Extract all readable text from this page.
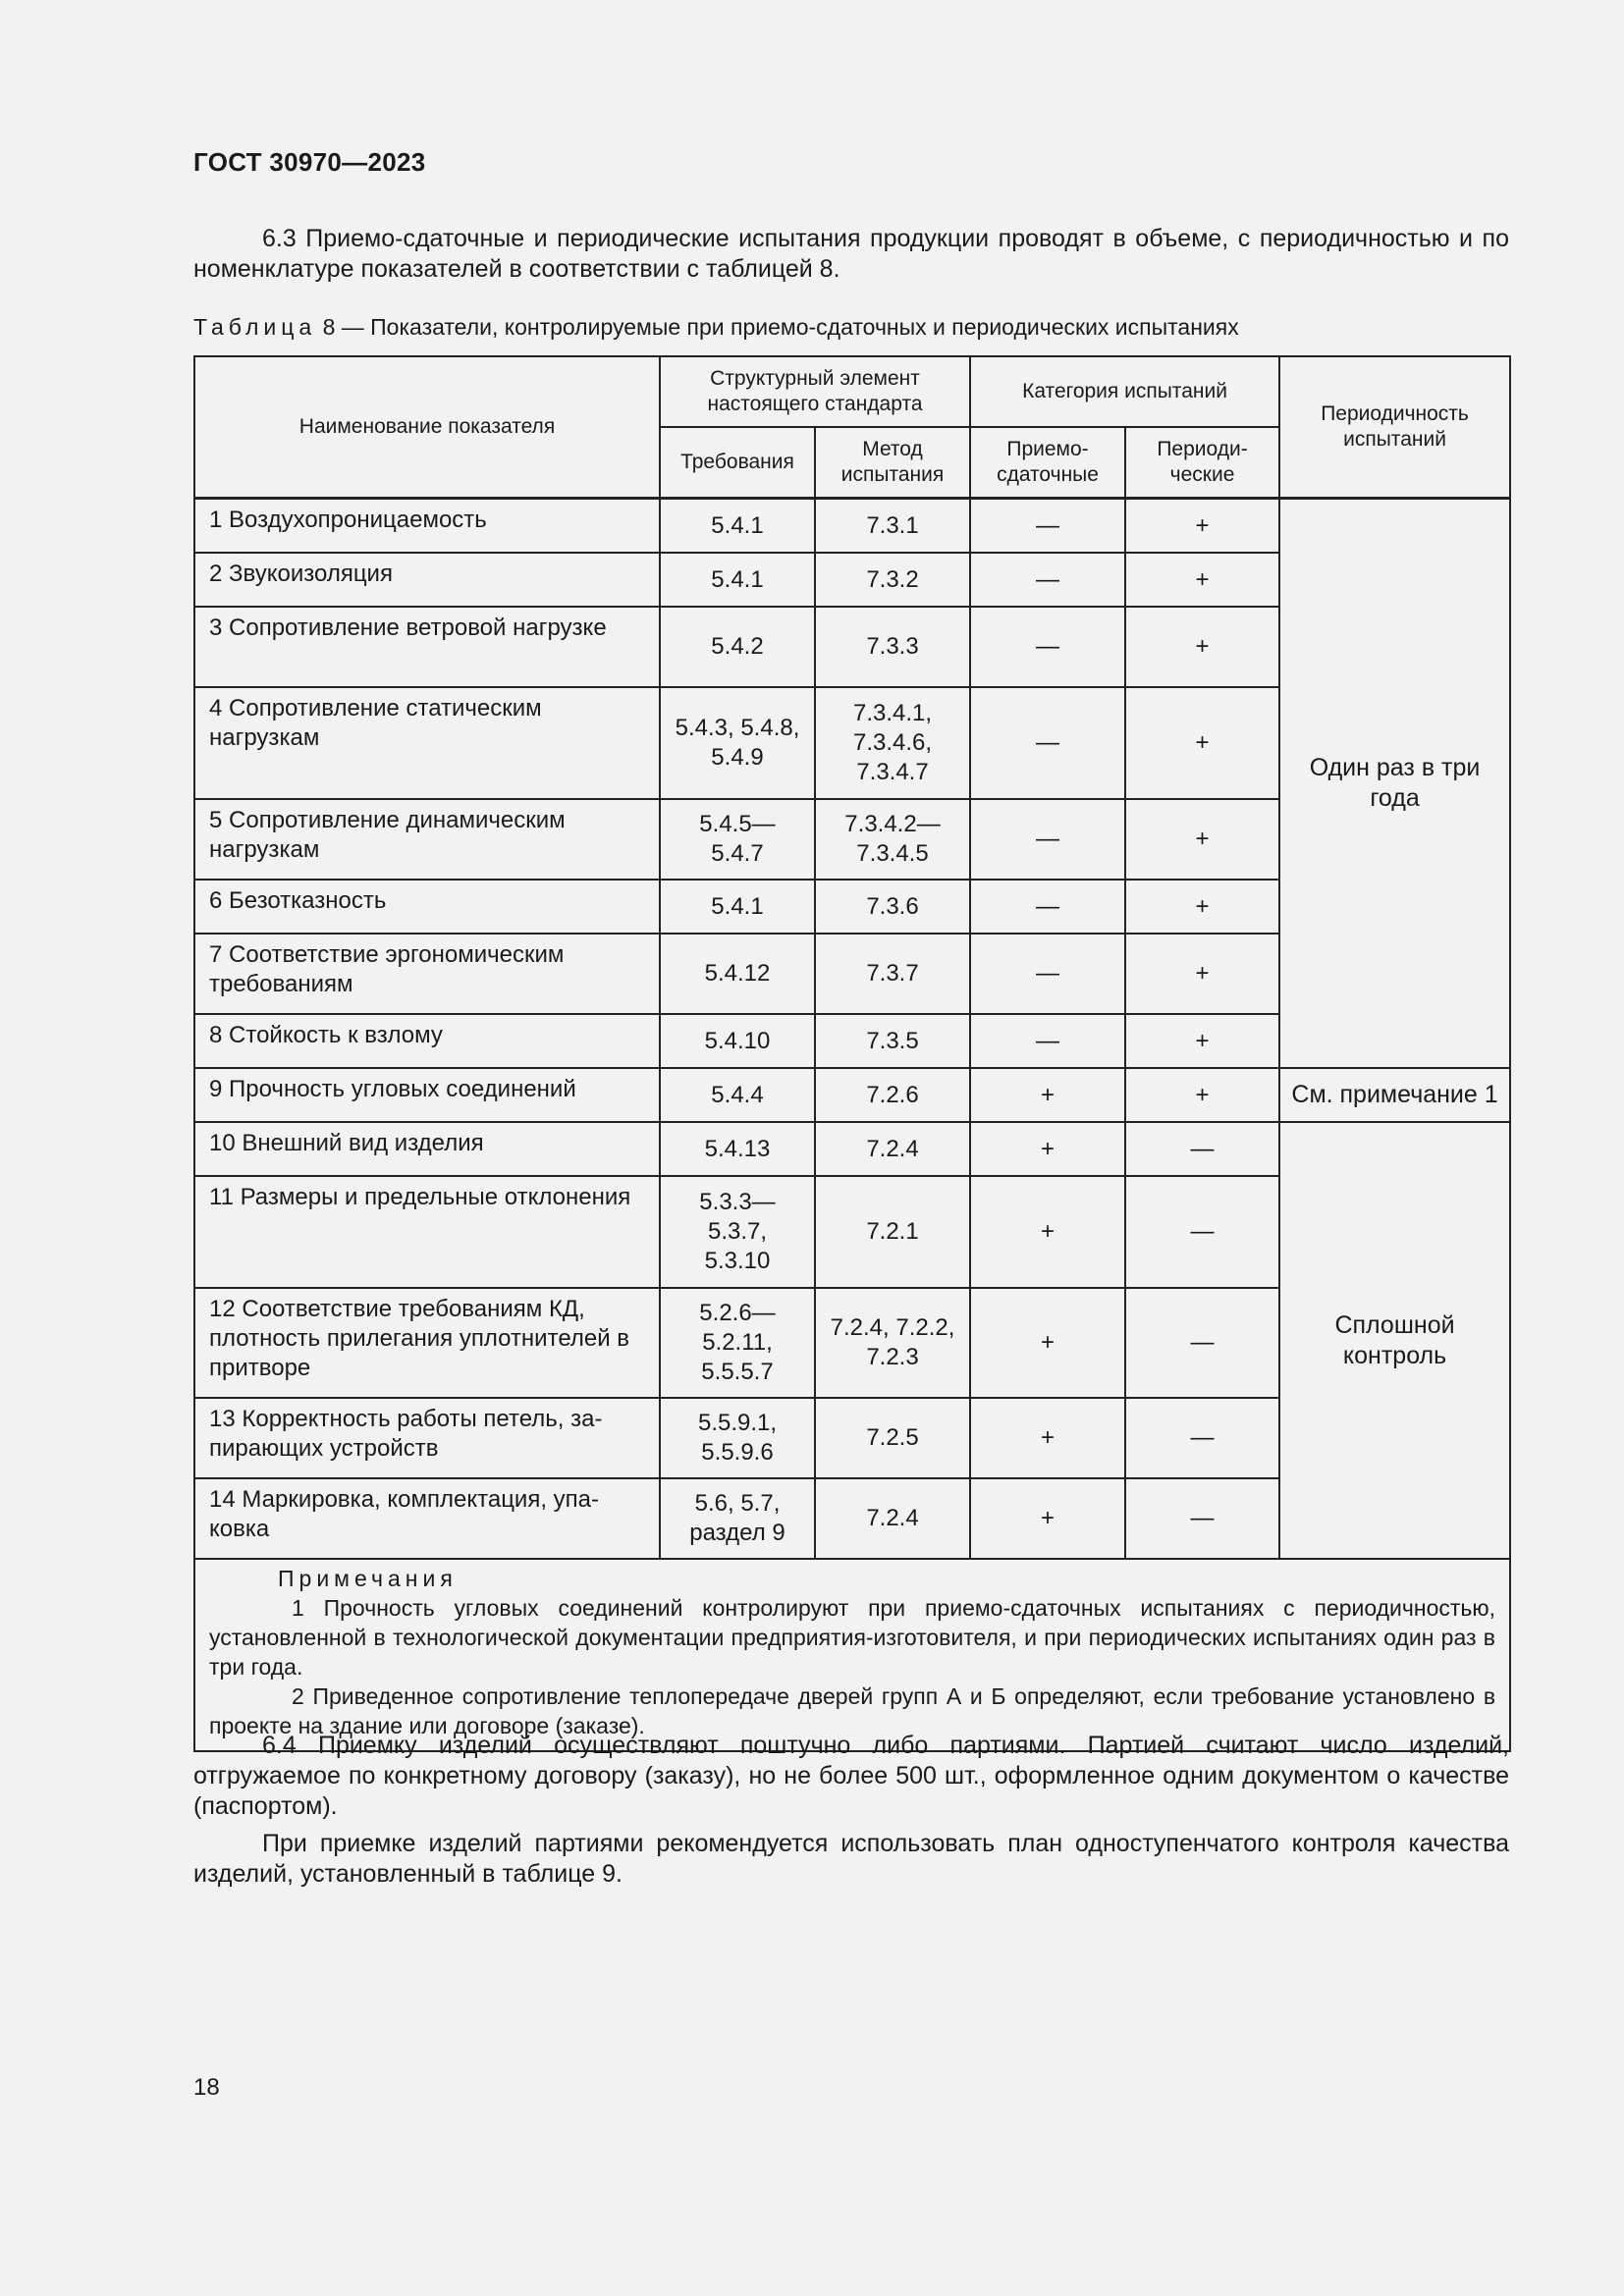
ГОСТ 30970—2023

6.3 Приемо-сдаточные и периодические испытания продукции проводят в объеме, с периодичностью и по номенклатуре показателей в соответствии с таблицей 8.

Таблица 8 — Показатели, контролируемые при приемо-сдаточных и периодических испытаниях
Наименование показателя	Структурный элемент настоящего стандарта		Категория испытаний		Периодичность испытаний
	Требования	Метод испытания	Приемо-сдаточные	Периоди-ческие	
1 Воздухопроницаемость	5.4.1	7.3.1	—	+	Один раз в три года
2 Звукоизоляция	5.4.1	7.3.2	—	+	
3 Сопротивление ветровой нагрузке	5.4.2	7.3.3	—	+	
4 Сопротивление статическим нагрузкам	5.4.3, 5.4.8, 5.4.9	7.3.4.1, 7.3.4.6, 7.3.4.7	—	+	
5 Сопротивление динамическим нагрузкам	5.4.5— 5.4.7	7.3.4.2— 7.3.4.5	—	+	
6 Безотказность	5.4.1	7.3.6	—	+	
7 Соответствие эргономическим требованиям	5.4.12	7.3.7	—	+	
8 Стойкость к взлому	5.4.10	7.3.5	—	+	
9 Прочность угловых соединений	5.4.4	7.2.6	+	+	См. примечание 1
10 Внешний вид изделия	5.4.13	7.2.4	+	—	Сплошной контроль
11 Размеры и предельные отклонения	5.3.3— 5.3.7, 5.3.10	7.2.1	+	—	
12 Соответствие требованиям КД, плотность прилегания уплотнителей в притворе	5.2.6— 5.2.11, 5.5.5.7	7.2.4, 7.2.2, 7.2.3	+	—	
13 Корректность работы петель, запирающих устройств	5.5.9.1, 5.5.9.6	7.2.5	+	—	
14 Маркировка, комплектация, упаковка	5.6, 5.7, раздел 9	7.2.4	+	—	

Примечания
1 Прочность угловых соединений контролируют при приемо-сдаточных испытаниях с периодичностью, установленной в технологической документации предприятия-изготовителя, и при периодических испытаниях один раз в три года.
2 Приведенное сопротивление теплопередаче дверей групп А и Б определяют, если требование установлено в проекте на здание или договоре (заказе).					

6.4 Приемку изделий осуществляют поштучно либо партиями. Партией считают число изделий, отгружаемое по конкретному договору (заказу), но не более 500 шт., оформленное одним документом о качестве (паспортом).

При приемке изделий партиями рекомендуется использовать план одноступенчатого контроля качества изделий, установленный в таблице 9.

18
